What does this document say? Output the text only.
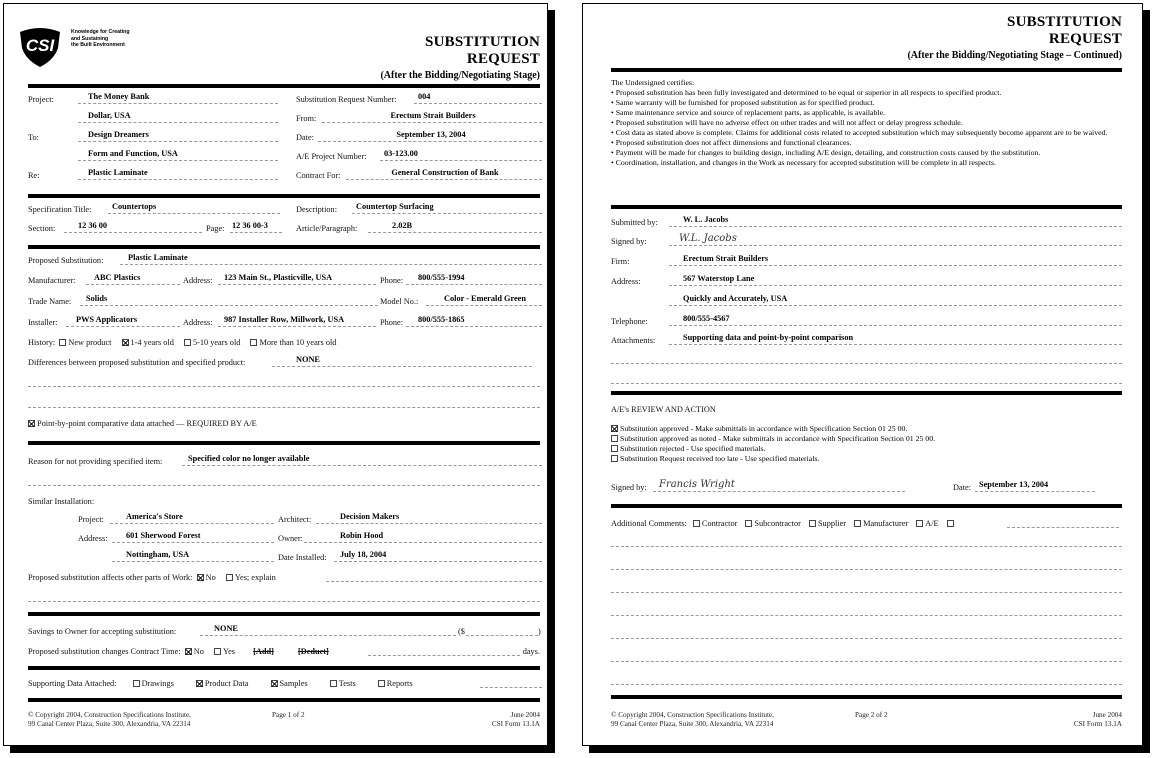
CSI
Knowledge for Creating
and Sustaining
the Built Environment	SUBSTITUTION
REQUEST
(After the Bidding/Negotiating Stage)
Project:	The Money Bank	Substitution Request Number:	004
Dollar, USA	From:	Erectum Strait Builders
To:	Design Dreamers	Date:	September 13, 2004
Form and Function, USA	A/E Project Number:	03-123.00
Re:	Plastic Laminate	Contract For:	General Construction of Bank
Specification Title:	Countertops	Description:	Countertop Surfacing
Section:	12 36 00	Page: 12 36 00-3	Article/Paragraph:	2.02B
Proposed Substitution:	Plastic Laminate
Manufacturer:	ABC Plastics	Address:	123 Main St., Plasticville, USA	Phone:	800/555-1994
Trade Name:	Solids	Model No.:	Color - Emerald Green
Installer:	PWS Applicators	Address:	987 Installer Row, Millwork, USA	Phone:	800/555-1865
History: New product 1-4 years old 5-10 years old More than 10 years old
Differences between proposed substitution and specified product:	NONE
Point-by-point comparative data attached — REQUIRED BY A/E
Reason for not providing specified item:	Specified color no longer available
Similar Installation:
Project:	America's Store	Architect:	Decision Makers
Address:	601 Sherwood Forest	Owner:	Robin Hood
Nottingham, USA	Date Installed:	July 18, 2004
Proposed substitution affects other parts of Work: No Yes; explain
Savings to Owner for accepting substitution:	NONE	($	)
Proposed substitution changes Contract Time: No Yes [Add]	[Deduct]	days.
Supporting Data Attached:	Drawings	Product Data	Samples	Tests	Reports
© Copyright 2004, Construction Specifications Institute,
99 Canal Center Plaza, Suite 300, Alexandria, VA 22314
Page 1 of 2	June 2004
CSI Form 13.1A
SUBSTITUTION
REQUEST
(After the Bidding/Negotiating Stage – Continued)
The Undersigned certifies:
• Proposed substitution has been fully investigated and determined to be equal or superior in all respects to specified product.
• Same warranty will be furnished for proposed substitution as for specified product.
• Same maintenance service and source of replacement parts, as applicable, is available.
• Proposed substitution will have no adverse effect on other trades and will not affect or delay progress schedule.
• Cost data as stated above is complete. Claims for additional costs related to accepted substitution which may subsequently become apparent are to be waived.
• Proposed substitution does not affect dimensions and functional clearances.
• Payment will be made for changes to building design, including A/E design, detailing, and construction costs caused by the substitution.
• Coordination, installation, and changes in the Work as necessary for accepted substitution will be complete in all respects.
Submitted by:	W. L. Jacobs
Signed by:	W.L. Jacobs
Firm:	Erectum Strait Builders
Address:	567 Waterstop Lane
Quickly and Accurately, USA
Telephone:	800/555-4567
Attachments:	Supporting data and point-by-point comparison
A/E's REVIEW AND ACTION
Substitution approved - Make submittals in accordance with Specification Section 01 25 00.
Substitution approved as noted - Make submittals in accordance with Specification Section 01 25 00.
Substitution rejected - Use specified materials.
Substitution Request received too late - Use specified materials.
Signed by:	Francis Wright	Date: September 13, 2004
Additional Comments: Contractor Subcontractor Supplier Manufacturer A/E
© Copyright 2004, Construction Specifications Institute,
99 Canal Center Plaza, Suite 300, Alexandria, VA 22314
Page 2 of 2	June 2004
CSI Form 13.1A
